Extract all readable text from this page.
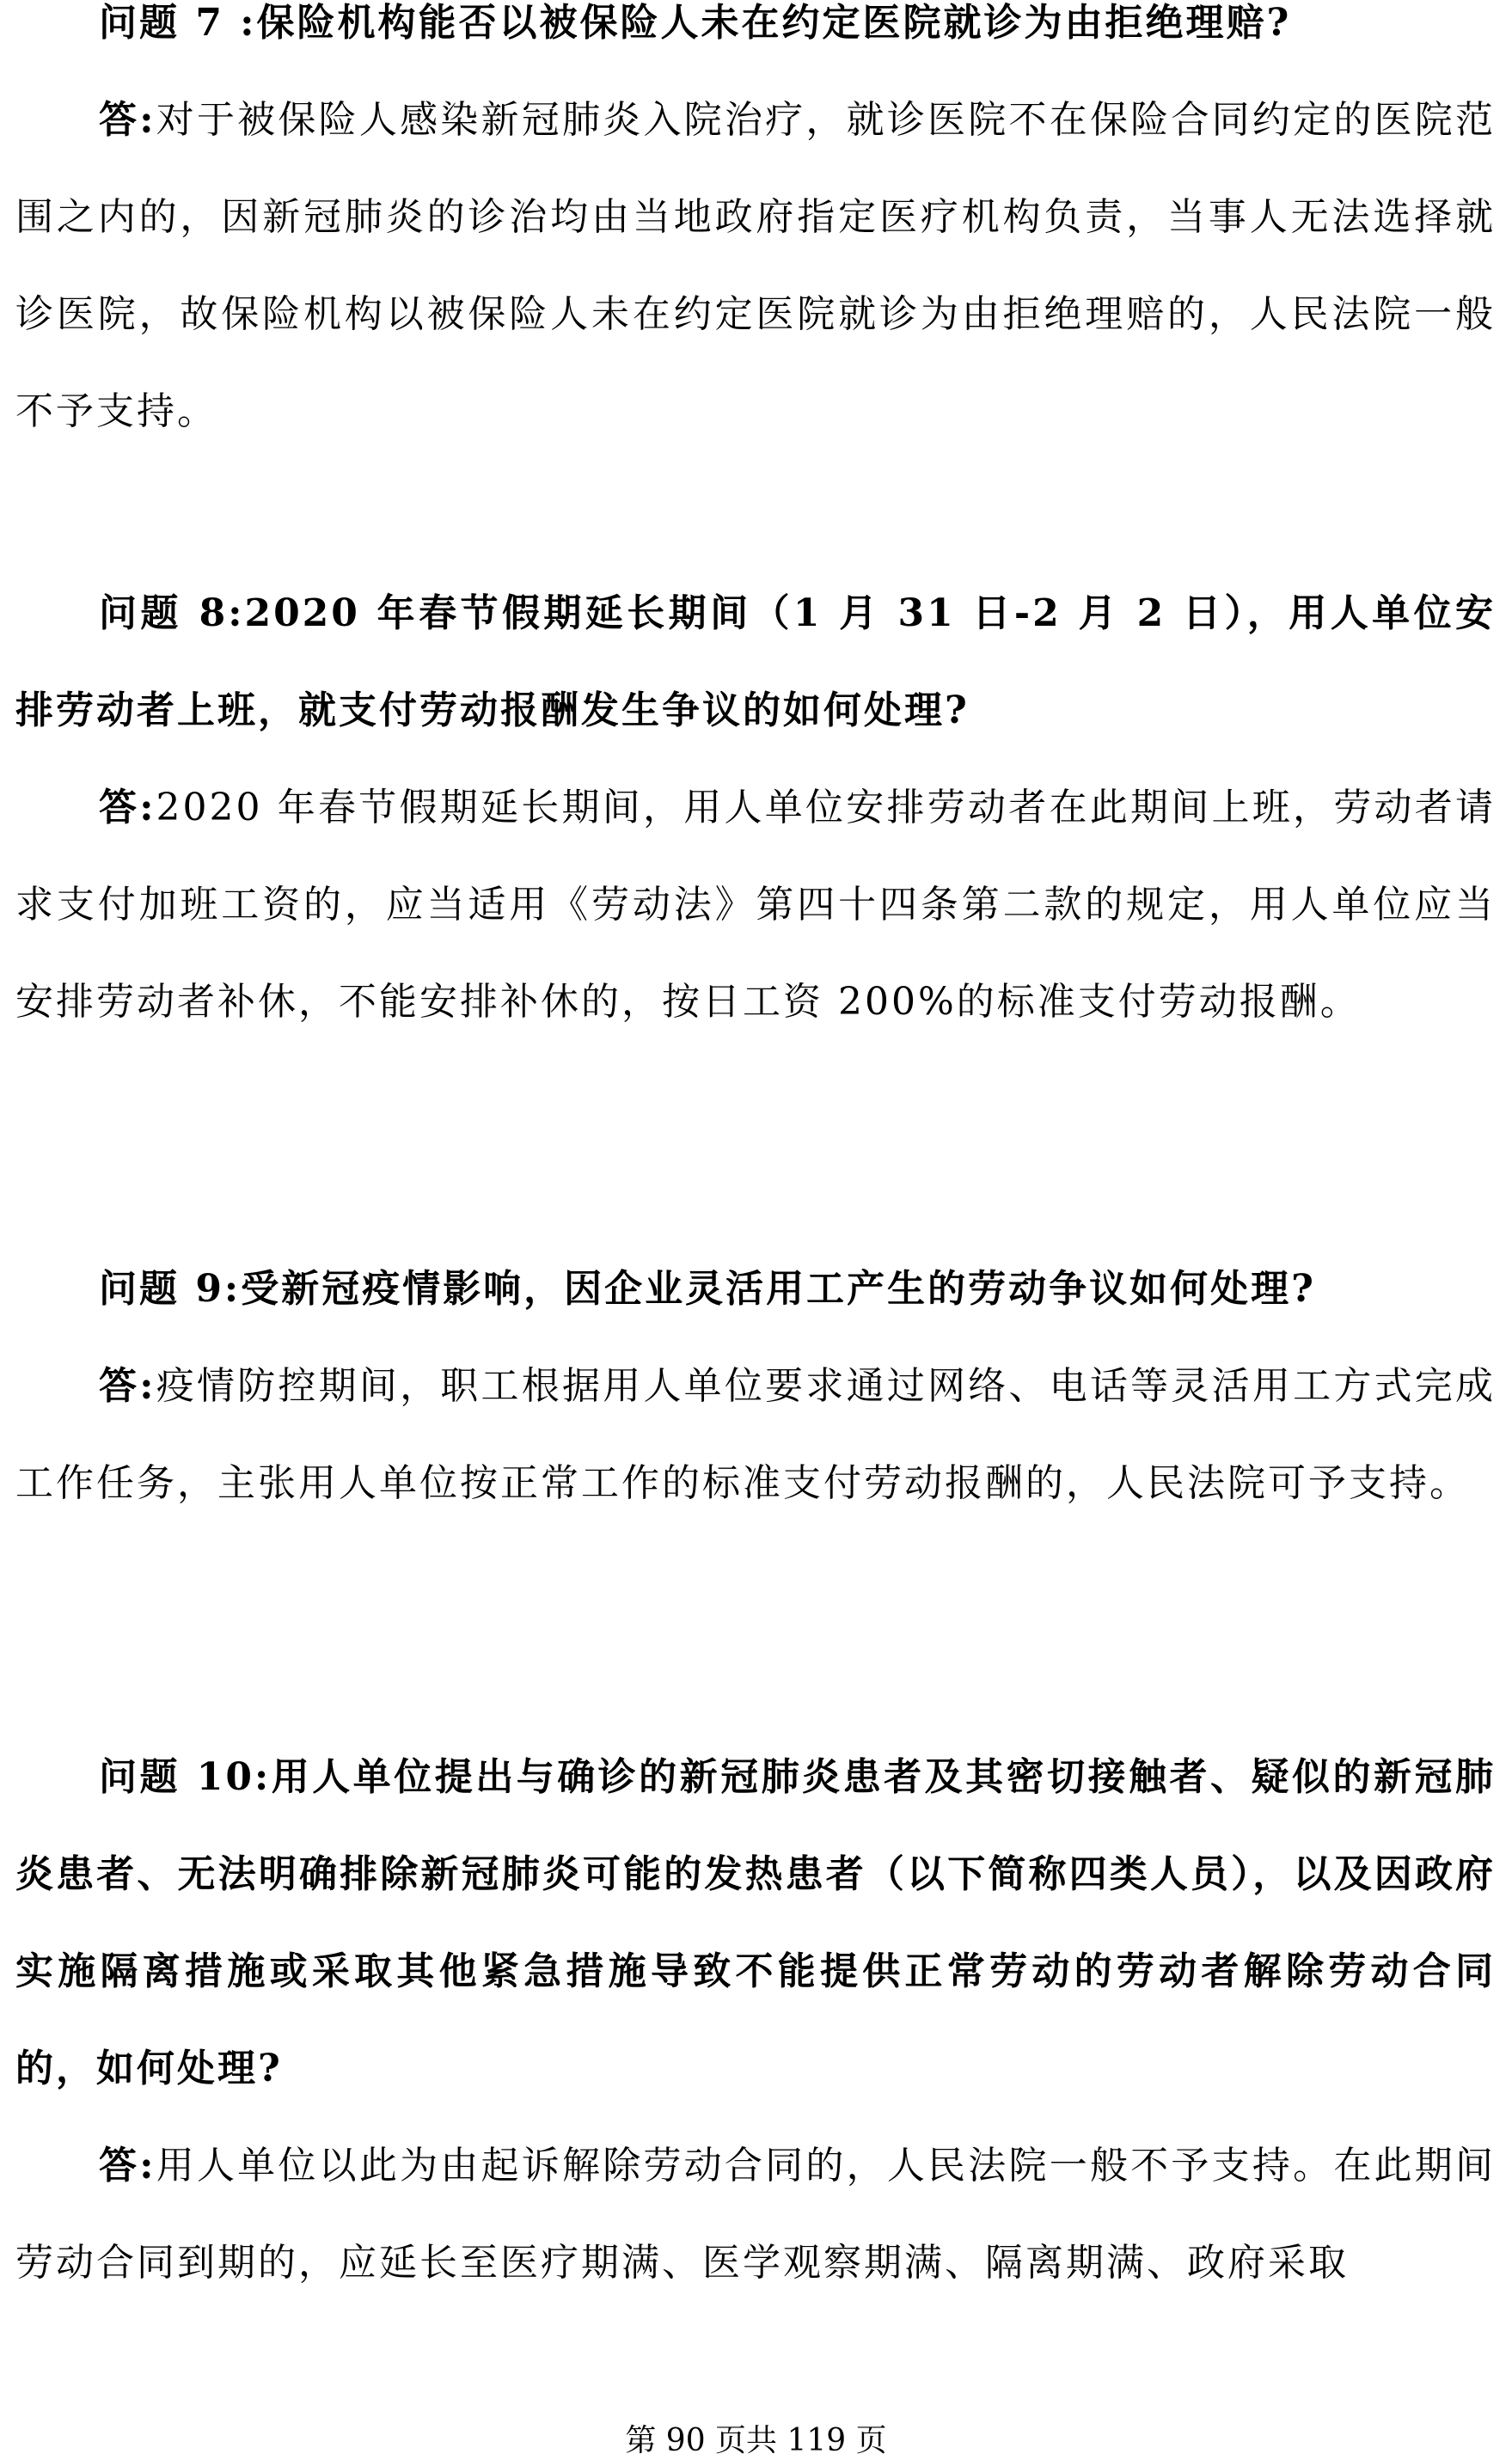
问题 7 :保险机构能否以被保险人未在约定医院就诊为由拒绝理赔?

答:对于被保险人感染新冠肺炎入院治疗，就诊医院不在保险合同约定的医院范围之内的，因新冠肺炎的诊治均由当地政府指定医疗机构负责，当事人无法选择就诊医院，故保险机构以被保险人未在约定医院就诊为由拒绝理赔的，人民法院一般不予支持。

问题 8:2020 年春节假期延长期间（1 月 31 日-2 月 2 日），用人单位安排劳动者上班，就支付劳动报酬发生争议的如何处理?

答:2020 年春节假期延长期间，用人单位安排劳动者在此期间上班，劳动者请求支付加班工资的，应当适用《劳动法》第四十四条第二款的规定，用人单位应当安排劳动者补休，不能安排补休的，按日工资 200%的标准支付劳动报酬。

问题 9:受新冠疫情影响，因企业灵活用工产生的劳动争议如何处理?

答:疫情防控期间，职工根据用人单位要求通过网络、电话等灵活用工方式完成工作任务，主张用人单位按正常工作的标准支付劳动报酬的，人民法院可予支持。

问题 10:用人单位提出与确诊的新冠肺炎患者及其密切接触者、疑似的新冠肺炎患者、无法明确排除新冠肺炎可能的发热患者（以下简称四类人员），以及因政府实施隔离措施或采取其他紧急措施导致不能提供正常劳动的劳动者解除劳动合同的，如何处理?

答:用人单位以此为由起诉解除劳动合同的，人民法院一般不予支持。在此期间劳动合同到期的，应延长至医疗期满、医学观察期满、隔离期满、政府采取

第 90 页共 119 页
